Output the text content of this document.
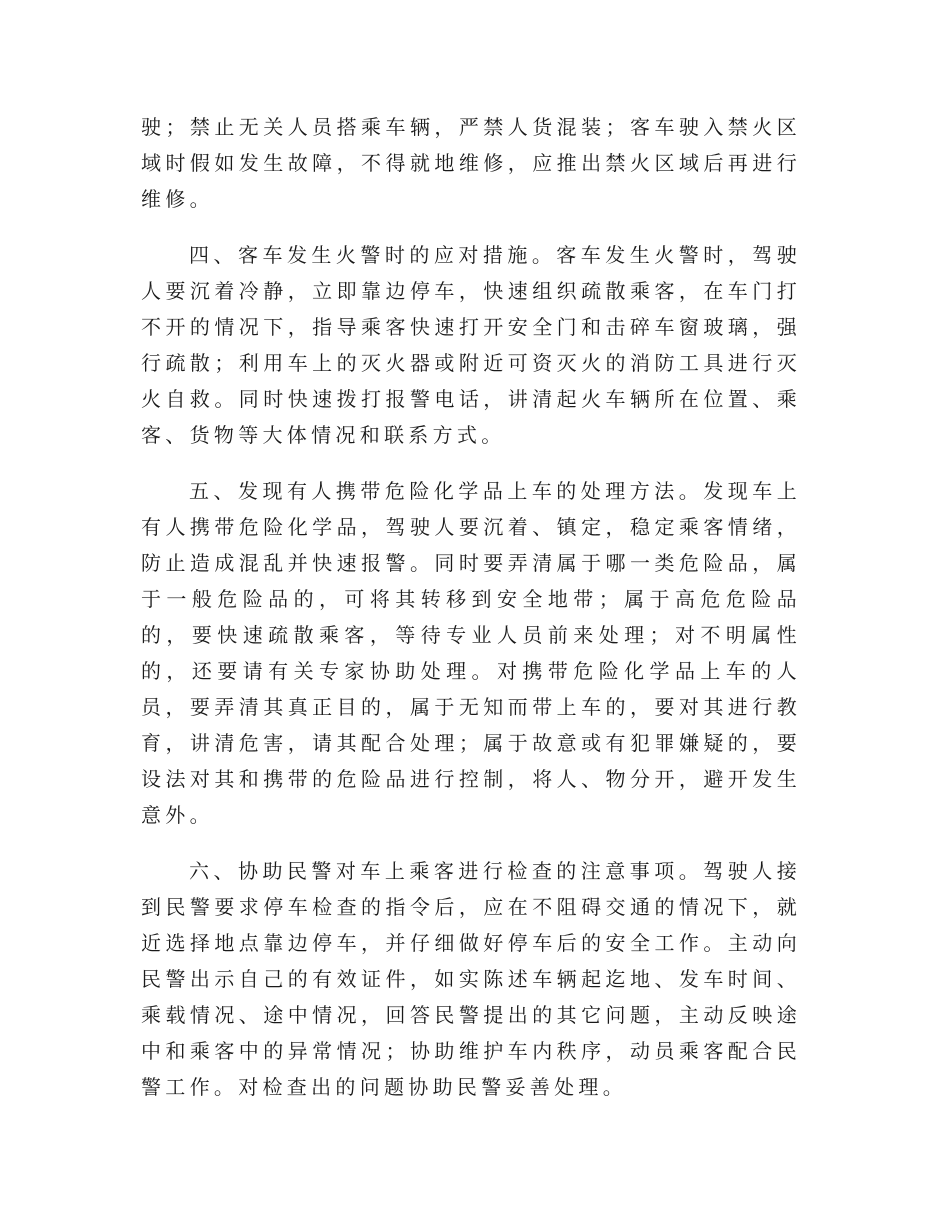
驶；禁止无关人员搭乘车辆，严禁人货混装；客车驶入禁火区域时假如发生故障，不得就地维修，应推出禁火区域后再进行维修。

四、客车发生火警时的应对措施。客车发生火警时，驾驶人要沉着冷静，立即靠边停车，快速组织疏散乘客，在车门打不开的情况下，指导乘客快速打开安全门和击碎车窗玻璃，强行疏散；利用车上的灭火器或附近可资灭火的消防工具进行灭火自救。同时快速拨打报警电话，讲清起火车辆所在位置、乘客、货物等大体情况和联系方式。

五、发现有人携带危险化学品上车的处理方法。发现车上有人携带危险化学品，驾驶人要沉着、镇定，稳定乘客情绪，防止造成混乱并快速报警。同时要弄清属于哪一类危险品，属于一般危险品的，可将其转移到安全地带；属于高危危险品的，要快速疏散乘客，等待专业人员前来处理；对不明属性的，还要请有关专家协助处理。对携带危险化学品上车的人员，要弄清其真正目的，属于无知而带上车的，要对其进行教育，讲清危害，请其配合处理；属于故意或有犯罪嫌疑的，要设法对其和携带的危险品进行控制，将人、物分开，避开发生意外。

六、协助民警对车上乘客进行检查的注意事项。驾驶人接到民警要求停车检查的指令后，应在不阻碍交通的情况下，就近选择地点靠边停车，并仔细做好停车后的安全工作。主动向民警出示自己的有效证件，如实陈述车辆起迄地、发车时间、乘载情况、途中情况，回答民警提出的其它问题，主动反映途中和乘客中的异常情况；协助维护车内秩序，动员乘客配合民警工作。对检查出的问题协助民警妥善处理。
